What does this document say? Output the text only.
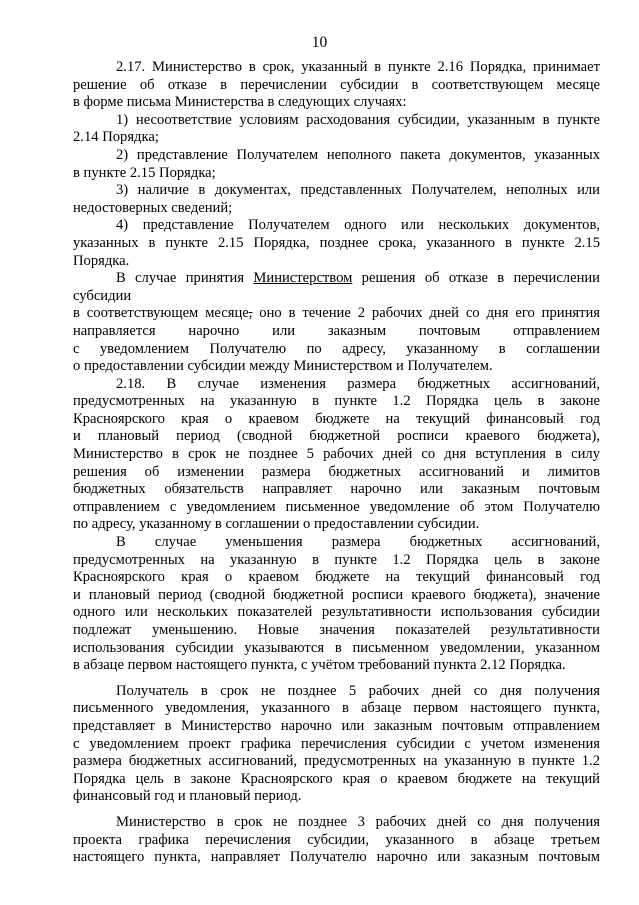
10
2.17. Министерство в срок, указанный в пункте 2.16 Порядка, принимает
решение об отказе в перечислении субсидии в соответствующем месяце
в форме письма Министерства в следующих случаях:
1) несоответствие условиям расходования субсидии, указанным в пункте
2.14 Порядка;
2) представление Получателем неполного пакета документов, указанных
в пункте 2.15 Порядка;
3) наличие в документах, представленных Получателем, неполных или
недостоверных сведений;
4) представление Получателем одного или нескольких документов,
указанных в пункте 2.15 Порядка, позднее срока, указанного в пункте 2.15
Порядка.
В случае принятия Министерством решения об отказе в перечислении
субсидии
в соответствующем месяце, оно в течение 2 рабочих дней со дня его принятия
направляется нарочно или заказным почтовым отправлением
с уведомлением Получателю по адресу, указанному в соглашении
о предоставлении субсидии между Министерством и Получателем.
2.18. В случае изменения размера бюджетных ассигнований,
предусмотренных на указанную в пункте 1.2 Порядка цель в законе
Красноярского края о краевом бюджете на текущий финансовый год
и плановый период (сводной бюджетной росписи краевого бюджета),
Министерство в срок не позднее 5 рабочих дней со дня вступления в силу
решения об изменении размера бюджетных ассигнований и лимитов
бюджетных обязательств направляет нарочно или заказным почтовым
отправлением с уведомлением письменное уведомление об этом Получателю
по адресу, указанному в соглашении о предоставлении субсидии.
В случае уменьшения размера бюджетных ассигнований,
предусмотренных на указанную в пункте 1.2 Порядка цель в законе
Красноярского края о краевом бюджете на текущий финансовый год
и плановый период (сводной бюджетной росписи краевого бюджета), значение
одного или нескольких показателей результативности использования субсидии
подлежат уменьшению. Новые значения показателей результативности
использования субсидии указываются в письменном уведомлении, указанном
в абзаце первом настоящего пункта, с учётом требований пункта 2.12 Порядка.
Получатель в срок не позднее 5 рабочих дней со дня получения
письменного уведомления, указанного в абзаце первом настоящего пункта,
представляет в Министерство нарочно или заказным почтовым отправлением
с уведомлением проект графика перечисления субсидии с учетом изменения
размера бюджетных ассигнований, предусмотренных на указанную в пункте 1.2
Порядка цель в законе Красноярского края о краевом бюджете на текущий
финансовый год и плановый период.
Министерство в срок не позднее 3 рабочих дней со дня получения
проекта графика перечисления субсидии, указанного в абзаце третьем
настоящего пункта, направляет Получателю нарочно или заказным почтовым
